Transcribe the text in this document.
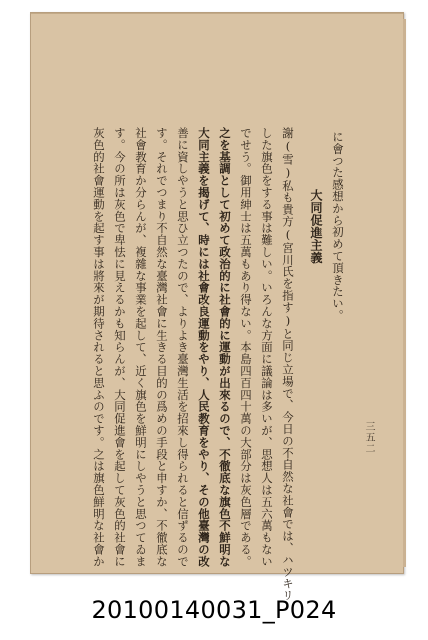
に會つた感想から初めて頂きたい。
大同促進主義
謝(雪)私も貴方(宮川氏を指す)と同じ立場で、今日の不自然な社會では、ハツキリ
した旗色をする事は難しい。いろんな方面に議論は多いが、思想人は五六萬もない
でせう。御用紳士は五萬もあり得ない。本島四百四十萬の大部分は灰色層である。
之を基調として初めて政治的に社會的に運動が出來るので、不徹底な旗色不鮮明な
大同主義を揭げて、時には社會改良運動をやり、人民教育をやり、その他臺灣の改
善に資しやうと思ひ立つたので、よりよき臺灣生活を招來し得られると信ずるので
す。それでつまり不自然な臺灣社會に生きる目的の爲めの手段と申すか、不徹底な
社會教育か分らんが、複雜な事業を起して、近く旗色を鮮明にしやうと思つてゐま
す。今の所は灰色で卑怯に見えるかも知らんが、大同促進會を起して灰色的社會に
灰色的社會運動を起す事は將來が期待されると思ふのです。之は旗色鮮明な社會か	三五二
20100140031_P024
